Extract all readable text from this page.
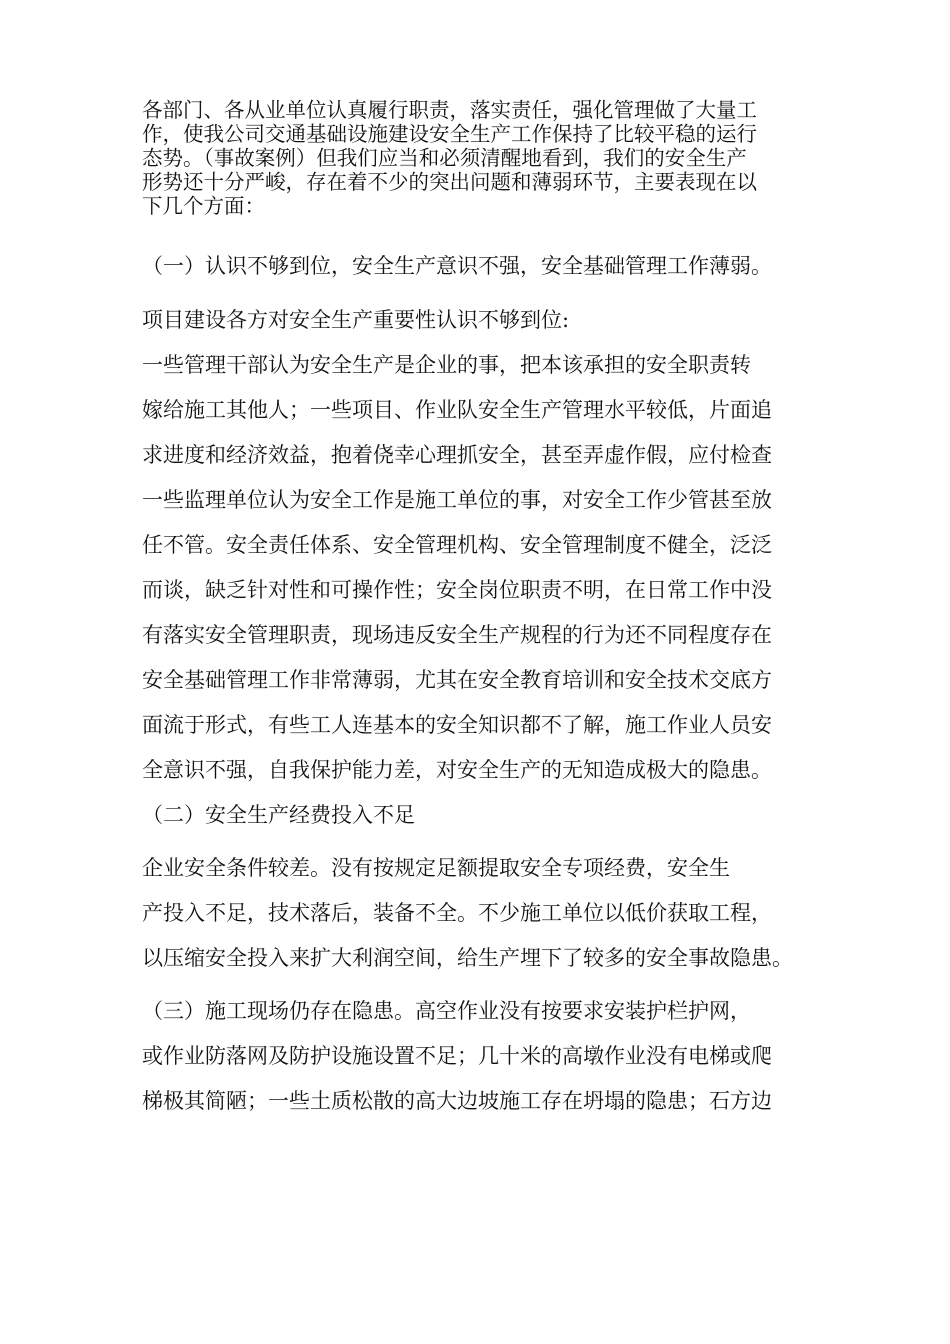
各部门、各从业单位认真履行职责，落实责任，强化管理做了大量工
作，使我公司交通基础设施建设安全生产工作保持了比较平稳的运行
态势。（事故案例）但我们应当和必须清醒地看到，我们的安全生产
形势还十分严峻，存在着不少的突出问题和薄弱环节，主要表现在以
下几个方面：
（一）认识不够到位，安全生产意识不强，安全基础管理工作薄弱。
项目建设各方对安全生产重要性认识不够到位:
一些管理干部认为安全生产是企业的事，把本该承担的安全职责转
嫁给施工其他人；一些项目、作业队安全生产管理水平较低，片面追
求进度和经济效益，抱着侥幸心理抓安全，甚至弄虚作假，应付检查
一些监理单位认为安全工作是施工单位的事，对安全工作少管甚至放
任不管。安全责任体系、安全管理机构、安全管理制度不健全，泛泛
而谈，缺乏针对性和可操作性；安全岗位职责不明，在日常工作中没
有落实安全管理职责，现场违反安全生产规程的行为还不同程度存在
安全基础管理工作非常薄弱，尤其在安全教育培训和安全技术交底方
面流于形式，有些工人连基本的安全知识都不了解，施工作业人员安
全意识不强，自我保护能力差，对安全生产的无知造成极大的隐患。
（二）安全生产经费投入不足
企业安全条件较差。没有按规定足额提取安全专项经费，安全生
产投入不足，技术落后，装备不全。不少施工单位以低价获取工程，
以压缩安全投入来扩大利润空间，给生产埋下了较多的安全事故隐患。
（三）施工现场仍存在隐患。高空作业没有按要求安装护栏护网，
或作业防落网及防护设施设置不足；几十米的高墩作业没有电梯或爬
梯极其简陋；一些土质松散的高大边坡施工存在坍塌的隐患；石方边
